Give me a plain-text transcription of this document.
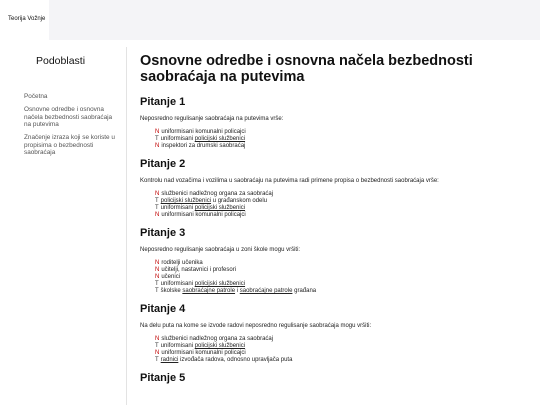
Teorija Vožnje
Podoblasti
Početna
Osnovne odredbe i osnovna načela bezbednosti saobraćaja na putevima
Značenje izraza koji se koriste u propisima o bezbednosti saobraćaja
Osnovne odredbe i osnovna načela bezbednosti saobraćaja na putevima
Pitanje 1

Neposredno regulisanje saobraćaja na putevima vrše:

N uniformisani komunalni policajci
T uniformisani policijski službenici
N inspektori za drumski saobraćaj
Pitanje 2

Kontrolu nad vozačima i vozilima u saobraćaju na putevima radi primene propisa o bezbednosti saobraćaja vrše:

N službenici nadležnog organa za saobraćaj
T policijski službenici u građanskom odelu
T uniformisani policijski službenici
N uniformisani komunalni policajci
Pitanje 3

Neposredno regulisanje saobraćaja u zoni škole mogu vršiti:

N roditelji učenika
N učitelji, nastavnici i profesori
N učenici
T uniformisani policijski službenici
T školske saobraćajne patrole i saobraćajne patrole građana
Pitanje 4

Na delu puta na kome se izvode radovi neposredno regulisanje saobraćaja mogu vršiti:

N službenici nadležnog organa za saobraćaj
T uniformisani policijski službenici
N uniformisani komunalni policajci
T radnici izvođača radova, odnosno upravljača puta
Pitanje 5
